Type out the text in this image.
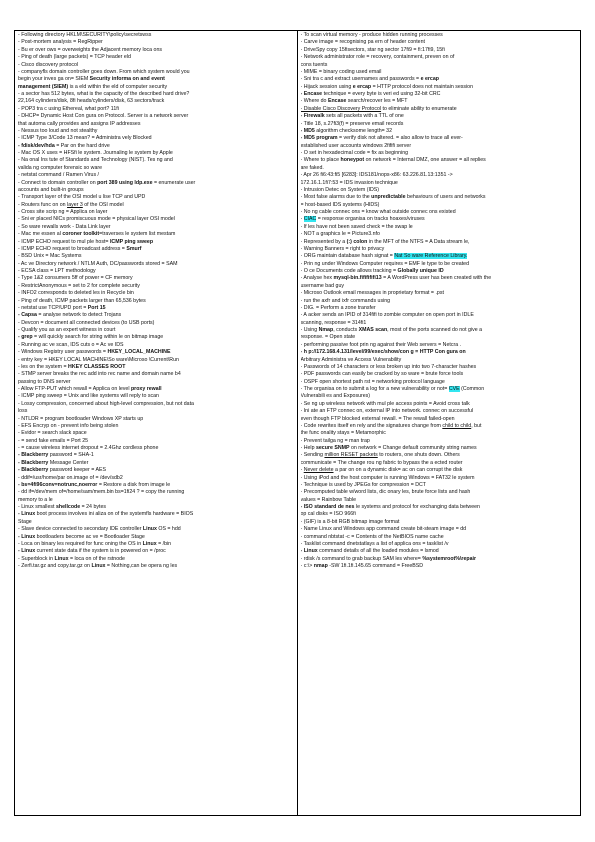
- Following directory HKLM\SECURITY\policy\secretswss
- Post-mortem analysis = RegRipper
- Bu er over ows = overweights the Adjacent memory loca ons
- Ping of death (large packets) = TCP header eld
- Cisco discovery protocol
- companyfls domain controller goes down. From which system would you
begin your inves ga on= SIEM Security informa on and event
management (SIEM) is a eld within the eld of computer security
- a sector has 512 bytes, what is the capacity of the described hard drive?
22,164 cylinders/disk, 8fi heads/cylinders/disk, 63 sectors/track
- POP3 tra c using Ethereal, what port? 11fi
- DHCP= Dynamic Host Con gura on Protocol. Server is a network server
that automa cally provides and assigns IP addresses
- Nessus too loud and not stealthy
- ICMP Type 3/Code 13 mean? = Administra vely Blocked
- fdisk/dev/hda = Par on the hard drive
- Mac OS X uses = HFSfi le system. Journaling le system by Apple
- Na onal Ins tute of Standards and Technology (NIST). Tes ng and
valida ng computer forensic so ware
- netstat command / Ramen Virus /
- Connect to domain controller on port 389 using ldp.exe = enumerate user
accounts and built-in groups
- Transport layer of the OSI model u lise TCP and UPD
- Routers func on on layer 3 of the OSI model
- Cross site scrip ng = Applica on layer
- Sni er placed NICs promiscuous mode = physical layer OSI model
- So ware rewalls work - Data Link layer
- Mac me essen al coroner toolkit=traverses le system list mestam
- ICMP ECHO request to mul ple host= ICMP ping sweep
- ICMP ECHO request to broadcast address = Smurf
- BSD Unix = Mac Systems
- Ac ve Directory network / NTLM Auth, DC/passwords stored = SAM
- ECSA class = LPT methodology
- Type 1&2 consumers 5ff of power = CF memory
- RestrictAnonymous = set to 2 for complete security
- INFO2 corresponds to deleted les in Recycle bin
- Ping of death, ICMP packets larger than 65,536 bytes
- netstat use TCP/UPD port = Port 15
- Capsa = analyse network to detect Trojans
- Devcon = document all connected devices (to USB ports)
- Qualify you as an expert witness in court
- grep = will quickly search for string within le on bitmap image
- Running ac ve scan, IDS cuts o = Ac ve IDS
- Windows Registry user passwords = HKEY_LOCAL_MACHINE
- entry key = HKEY LOCAL MACHINE\So ware\Microso \Current\Run
- les on the system = HKEY CLASSES ROOT
- STMP server breaks the rec add into rec name and domain name b4
passing to DNS server
- Allow FTP-PUT which rewall = Applica on level proxy rewall
- ICMP ping sweep = Unix and like systems will reply to scan
- Lossy compression, concerned about high-level compression, but not data
loss
- NTLDR = program bootloader Windows XP starts up
- EFS Encryp on - prevent info being stolen
- Evidor = search slack space
- = send fake emails = Port 25
- = cause wireless internet dropout = 2.4Ghz cordless phone
- Blackberry password = SHA-1
- Blackberry Message Center
- Blackberry password keeper = AES
- ddif=/usr/home/par on.image of = /dev/sdb2
- bs=4fi96conv=notrunc,noerror = Restore a disk from image le
- dd if=/dev/mem of=/home/sam/mem.bin bs=1fi24 ? = copy the running
memory to a le
- Linux smallest shellcode = 24 bytes
- Linux boot process involves ini aliza on of the systemfls hardware = BIOS
Stage
- Slave device connected to secondary IDE controller Linux OS = hdd
- Linux bootloaders become ac ve = Bootloader Stage
- Loca on binary les required for func oning the OS in Linux = /bin
- Linux current state data if the system is in powered on = /proc
- Superblock in Linux = loca on of the rstnode
- Zerfi.tar.gz and copy.tar.gz on Linux = Nothing,can be opera ng les
- To scan virtual memory - produce hidden running processes
- Carve image = recognising pa ern of header content
- DriveSpy copy 15fisectors, star ng sector 17fi9 = fi:17fi9, 15fi
- Network administrator role = recovery, containment, preven on of
cons tuents
- MIME = binary coding used email
- Sni tra c and extract usernames and passwords = e ercap
- Hijack session using e ercap = HTTP protocol does not maintain session
- Encase technique = every byte is veri ed using 32-bit CRC
- Where do Encase search/recover les = MFT
- Disable Cisco Discovery Protocol to eliminate ability to enumerate
- Firewalk sets all packets with a TTL of one
- Title 18, s.27fi3(f) = preserve email records
- MD5 algorithm checksome length= 32
- MD5 program = verify disk not altered. = also allow to trace all ever-
established user accounts windows 2fififi server
- O set in hexadecimal code = fix as beginning
- Where to place honeypot on network = Internal DMZ, one answer = all replies
are faked.
- Apr 26 fi6:43:fi5 [6283]: IDS181/nops-x86: 63.226.81.13:1351 ->
172.16.1.1fi7:53 = IDS invasion technique
- Intrusion Detec on System (IDS)
- Most false alarms due to the unpredictable behaviours of users and networks
= host-based IDS systems (HIDS)
- No ng cable connec ons = know what outside connec ons existed
- CIAC = response organisa on tracks hoaxes/viruses
- If les have not been saved check = the swap le
- NOT a graphics le = Picture3.nfo
- Represented by a (:) colon in the MFT of the NTFS = A Data stream le,
- Warning Banners = right to privacy
- ORG maintain database hash signat = Nat So ware Reference Library.
- Prin ng under Windows Computer requires = EMF le type to be created
- O ce Documents code allows tracking = Globally unique ID
- Analyse hex mysql-bin.fififififi13 = A WordPress user has been created with the
username bad guy
- Microso Outlook email messages in proprietary format = .pst
- run the axfr and ixfr commands using
- DIG. = Perform a zone transfer
- A acker sends an IPID of 314fifi to zombie computer on open port in IDLE
scanning, response = 314fi1
- Using Nmap, conducts XMAS scan, most of the ports scanned do not give a
response. = Open state
- performing passive foot prin ng against their Web servers = Netcra .
- h p://172.168.4.131/level/99/exec/show/con g = HTTP Con gura on
Arbitrary Administra ve Access Vulnerability
- Passwords of 14 characters or less broken up into two 7-character hashes
- PDF passwords can easily be cracked by so ware = brute force tools
- OSPF open shortest path rst = networking protocol language
- The organisa on to submit a log for a new vulnerability or not= CVE (Common
Vulnerabili es and Exposures)
- Se ng up wireless network with mul ple access points = Avoid cross talk
- Ini ate an FTP connec on, external IP into network. connec on successful
even though FTP blocked external rewall. = The rewall failed-open
- Code rewrites itself en rely and the signatures change from child to child, but
the func onality stays = Metamorphic
- Prevent tailga ng = man trap
- Help secure SNMP on network = Change default community string names
- Sending million RESET packets to routers, one shuts down. Others
communicate = The change rou ng fabric to bypass the a ected router
- Never delete a par on on a dynamic disk= ac on can corrupt the disk
- Using iPod and the host computer is running Windows = FAT32 le system
- Technique is used by JPEGs for compression = DCT
- Precomputed table w/word lists, dic onary les, brute force lists and hash
values = Rainbow Table
- ISO standard de nes le systems and protocol for exchanging data between
op cal disks = ISO 966fi
- (GIF) is a 8-bit RGB bitmap image format
- Name Linux and Windows app command create bit-steam image = dd
- command nbtstat -c = Contents of the NetBIOS name cache
- Tasklist command dnetstatlays a list of applica ons = tasklist /v
- Linux command details of all the loaded modules = lsmod
- rdisk /s command to grab backup SAM les where= %systemroot%\repair
- c:\> nmap -SW 1fi.1fi.145.65 command = FreeBSD
